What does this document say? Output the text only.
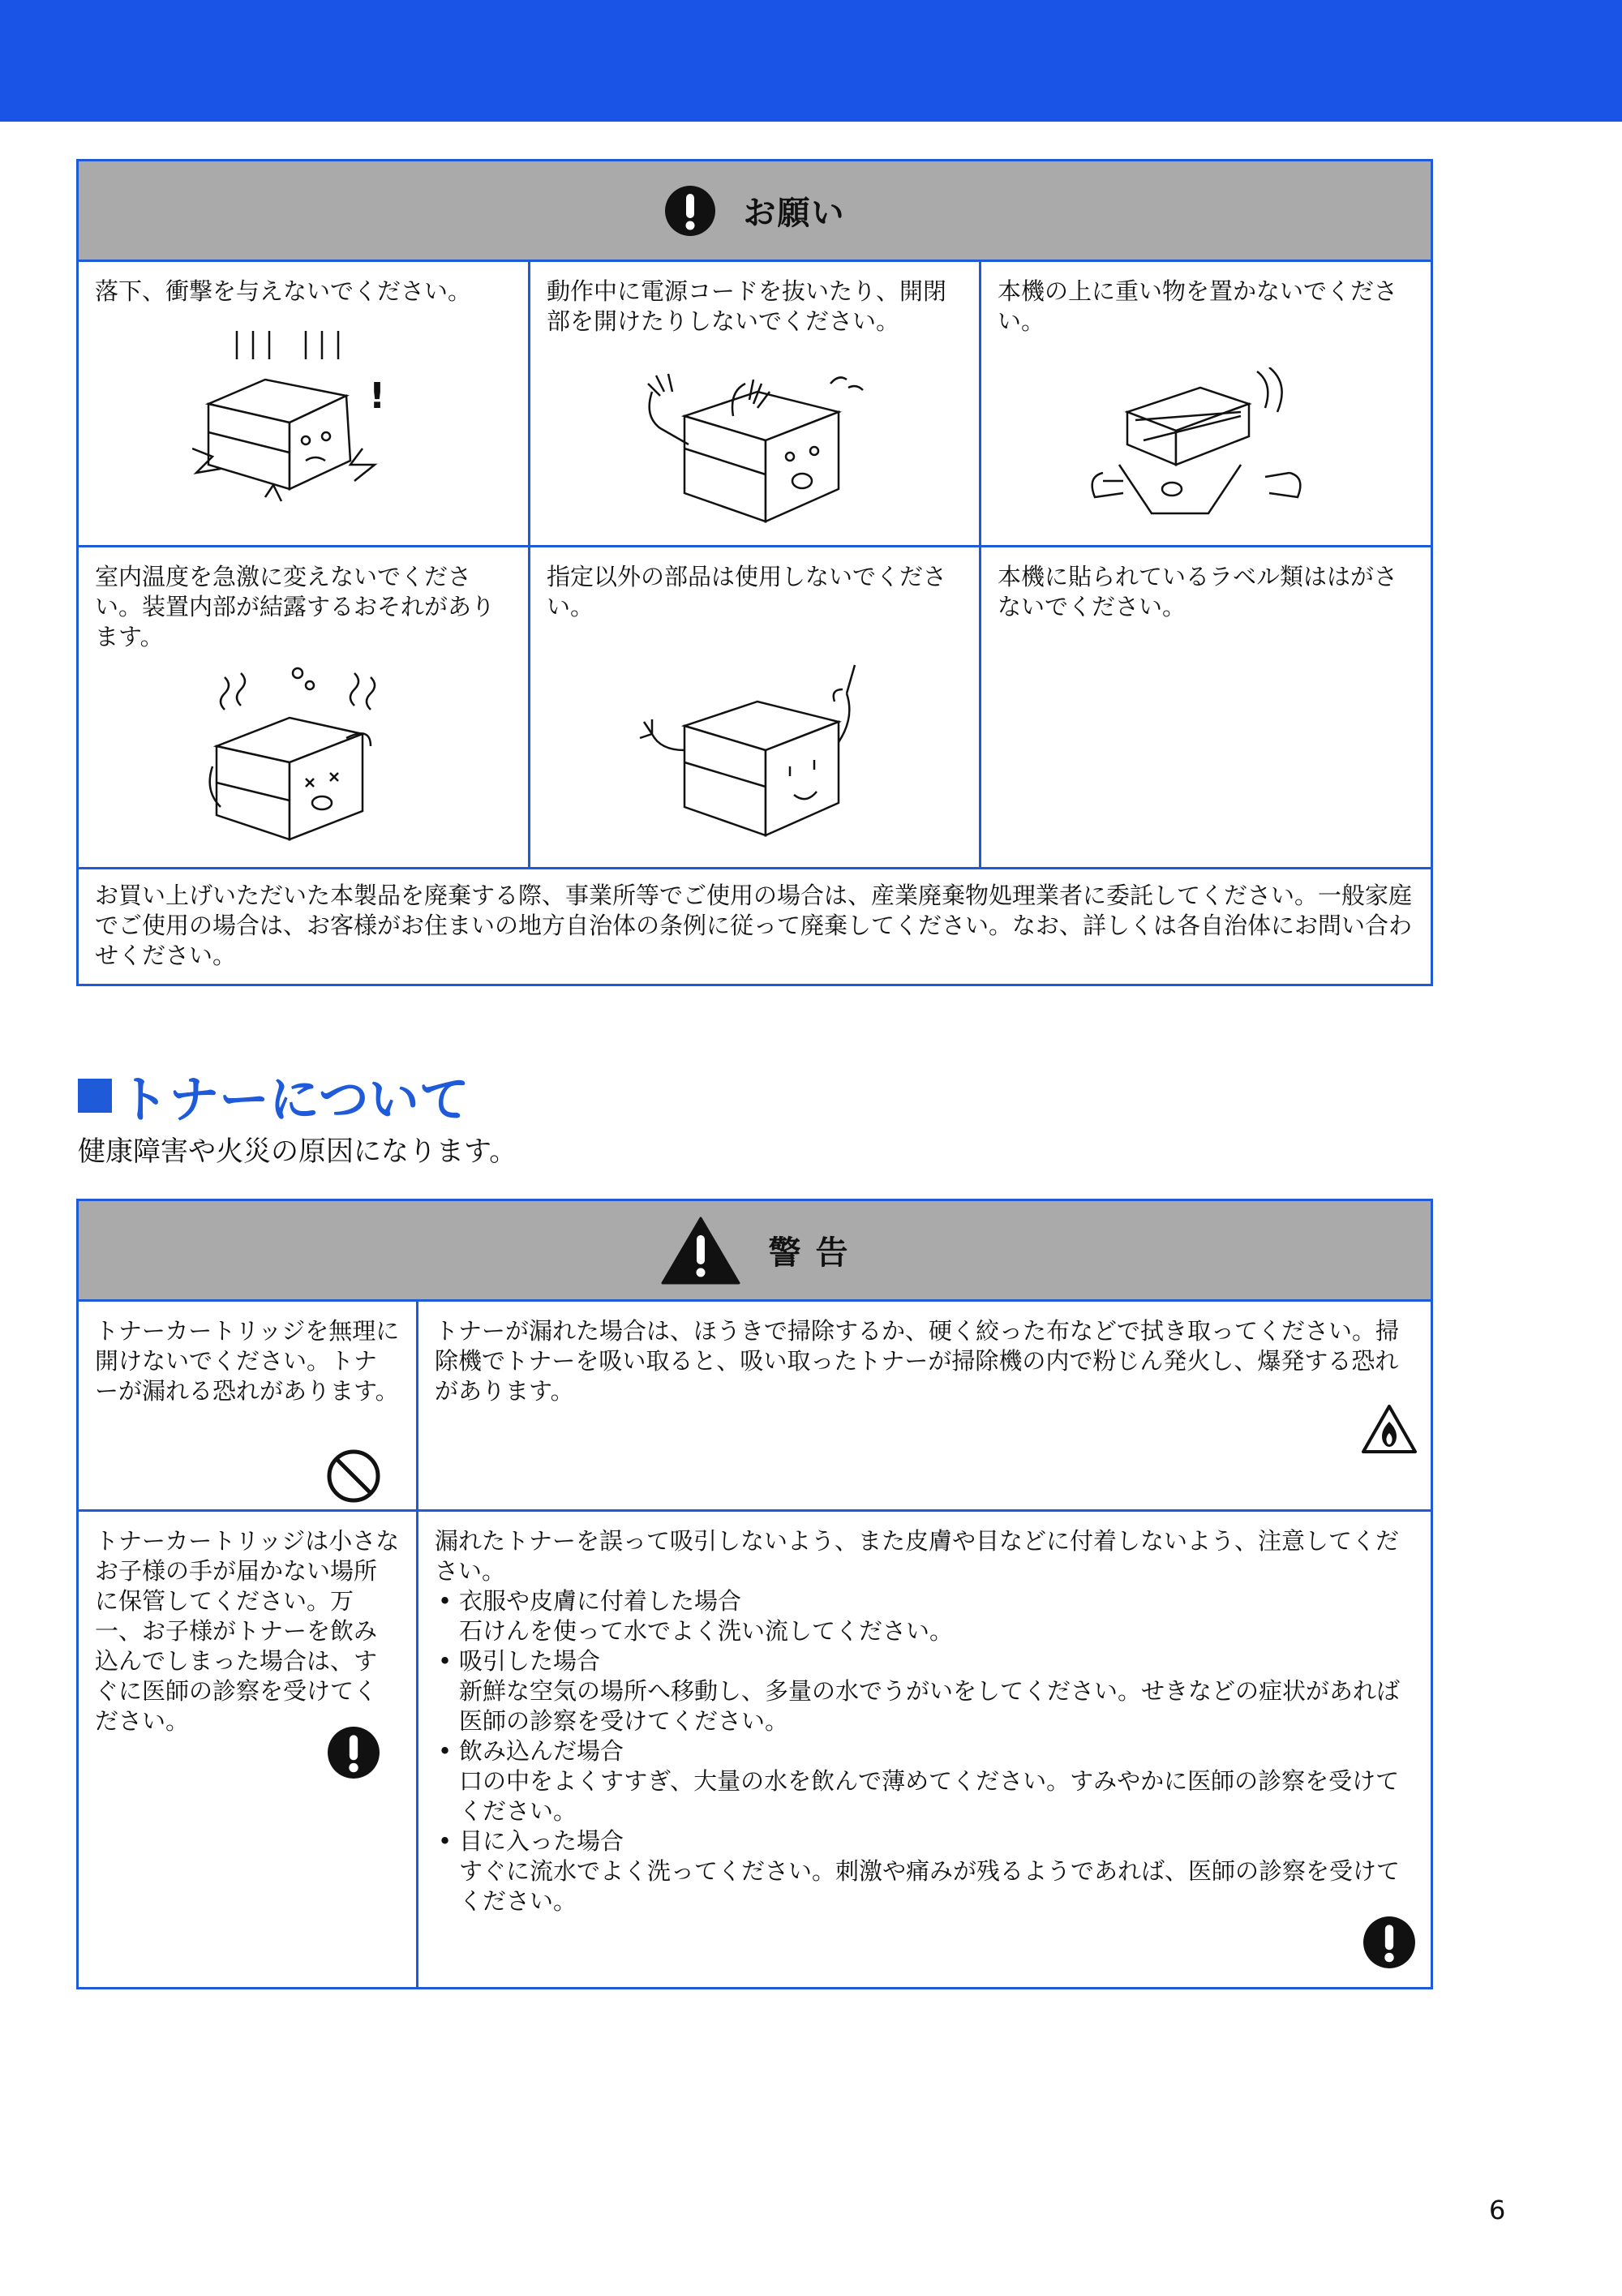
お願い
落下、衝撃を与えないでください。
!
動作中に電源コードを抜いたり、開閉部を開けたりしないでください。
本機の上に重い物を置かないでください。
室内温度を急激に変えないでください。装置内部が結露するおそれがあります。
指定以外の部品は使用しないでください。
本機に貼られているラベル類ははがさないでください。
お買い上げいただいた本製品を廃棄する際、事業所等でご使用の場合は、産業廃棄物処理業者に委託してください。一般家庭でご使用の場合は、お客様がお住まいの地方自治体の条例に従って廃棄してください。なお、詳しくは各自治体にお問い合わせください。
トナーについて
健康障害や火災の原因になります。
警 告
トナーカートリッジを無理に開けないでください。トナーが漏れる恐れがあります。
トナーが漏れた場合は、ほうきで掃除するか、硬く絞った布などで拭き取ってください。掃除機でトナーを吸い取ると、吸い取ったトナーが掃除機の内で粉じん発火し、爆発する恐れがあります。
トナーカートリッジは小さなお子様の手が届かない場所に保管してください。万一、お子様がトナーを飲み込んでしまった場合は、すぐに医師の診察を受けてください。
漏れたトナーを誤って吸引しないよう、また皮膚や目などに付着しないよう、注意してください。
• 衣服や皮膚に付着した場合
石けんを使って水でよく洗い流してください。
• 吸引した場合
新鮮な空気の場所へ移動し、多量の水でうがいをしてください。せきなどの症状があれば医師の診察を受けてください。
• 飲み込んだ場合
口の中をよくすすぎ、大量の水を飲んで薄めてください。すみやかに医師の診察を受けてください。
• 目に入った場合
すぐに流水でよく洗ってください。刺激や痛みが残るようであれば、医師の診察を受けてください。
6
